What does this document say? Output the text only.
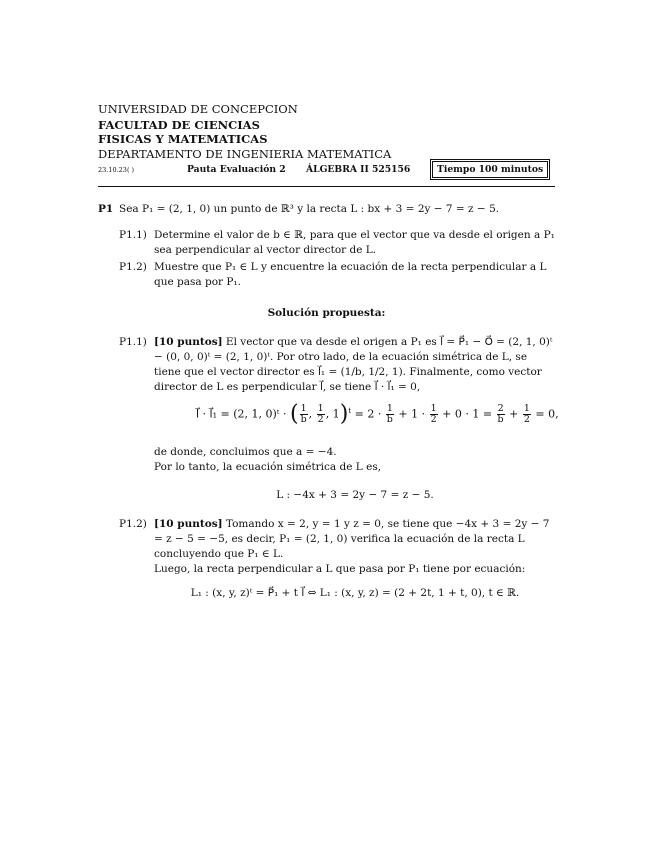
UNIVERSIDAD DE CONCEPCION
FACULTAD DE CIENCIAS
FISICAS Y MATEMATICAS
DEPARTAMENTO DE INGENIERIA MATEMATICA
23.10.23( )	Pauta Evaluación 2 ÁLGEBRA II 525156	Tiempo 100 minutos
P1 Sea P₁ = (2, 1, 0) un punto de ℝ³ y la recta L : bx + 3 = 2y − 7 = z − 5.
P1.1) Determine el valor de b ∈ ℝ, para que el vector que va desde el origen a P₁ sea perpendicular al vector director de L.
P1.2) Muestre que P₁ ∈ L y encuentre la ecuación de la recta perpendicular a L que pasa por P₁.
Solución propuesta:
P1.1) [10 puntos] El vector que va desde el origen a P₁ es l⃗ = P⃗₁ − O⃗ = (2, 1, 0)ᵗ − (0, 0, 0)ᵗ = (2, 1, 0)ᵗ. Por otro lado, de la ecuación simétrica de L, se tiene que el vector director es l⃗₁ = (1/b, 1/2, 1). Finalmente, como vector director de L es perpendicular l⃗, se tiene l⃗ · l⃗₁ = 0,
l⃗ · l⃗₁ = (2, 1, 0)ᵗ · ( $\frac{1}{b}$ , $\frac{1}{2}$ , $1)^t = 2 \cdot \frac{1}{b} + 1 \cdot \frac{1}{2} + 0 \cdot 1 = \frac{2}{b} + \frac{1}{2} = 0$,
de donde, concluimos que a = −4.
Por lo tanto, la ecuación simétrica de L es,
L : −4x + 3 = 2y − 7 = z − 5.
P1.2) [10 puntos] Tomando x = 2, y = 1 y z = 0, se tiene que −4x + 3 = 2y − 7 = z − 5 = −5, es decir, P₁ = (2, 1, 0) verifica la ecuación de la recta L concluyendo que P₁ ∈ L.
Luego, la recta perpendicular a L que pasa por P₁ tiene por ecuación:
L₁ : (x, y, z)ᵗ = P⃗₁ + t l⃗ ⇔ L₁ : (x, y, z) = (2 + 2t, 1 + t, 0), t ∈ ℝ.
